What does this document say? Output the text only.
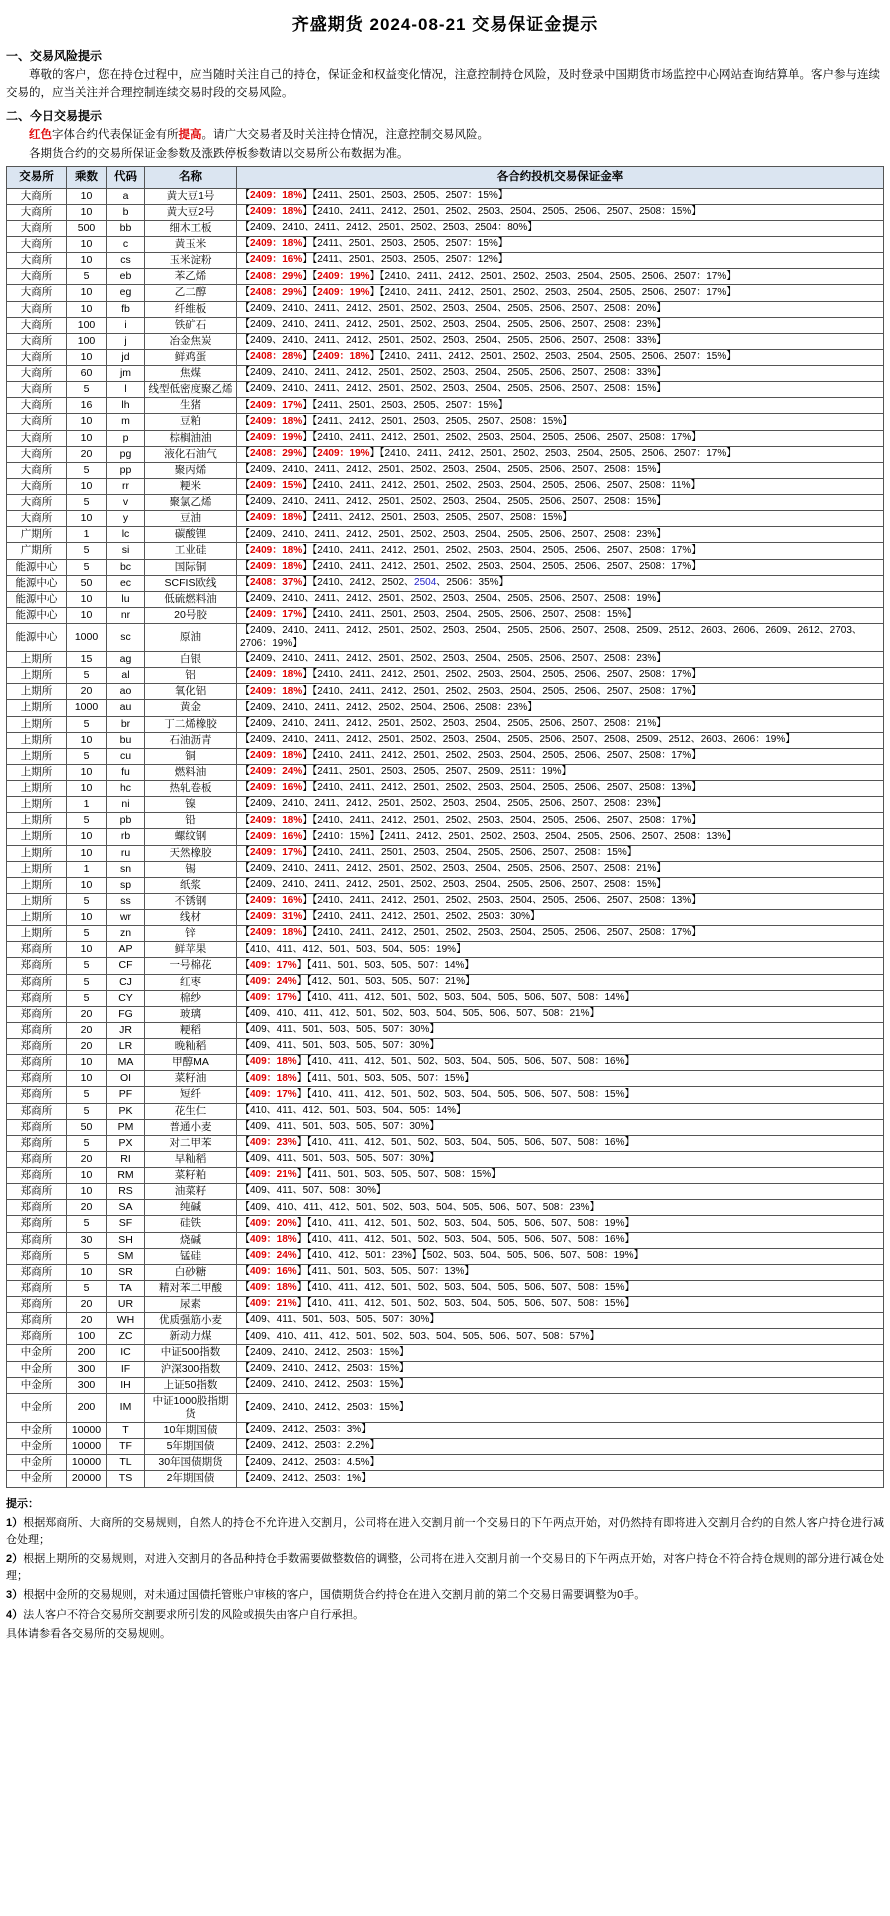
齐盛期货 2024-08-21 交易保证金提示
一、交易风险提示
尊敬的客户，您在持仓过程中，应当随时关注自己的持仓，保证金和权益变化情况，注意控制持仓风险，及时登录中国期货市场监控中心网站查询结算单。客户参与连续交易的，应当关注并合理控制连续交易时段的交易风险。
二、今日交易提示
红色字体合约代表保证金有所提高。请广大交易者及时关注持仓情况，注意控制交易风险。
各期货合约的交易所保证金参数及涨跌停板参数请以交易所公布数据为准。
交易所	乘数	代码	名称	各合约投机交易保证金率
大商所	10	a	黄大豆1号	【2409：18%】【2411、2501、2503、2505、2507：15%】
大商所	10	b	黄大豆2号	【2409：18%】【2410、2411、2412、2501、2502、2503、2504、2505、2506、2507、2508：15%】
大商所	500	bb	细木工板	【2409、2410、2411、2412、2501、2502、2503、2504：80%】
大商所	10	c	黄玉米	【2409：18%】【2411、2501、2503、2505、2507：15%】
大商所	10	cs	玉米淀粉	【2409：16%】【2411、2501、2503、2505、2507：12%】
大商所	5	eb	苯乙烯	【2408：29%】【2409：19%】【2410、2411、2412、2501、2502、2503、2504、2505、2506、2507：17%】
大商所	10	eg	乙二醇	【2408：29%】【2409：19%】【2410、2411、2412、2501、2502、2503、2504、2505、2506、2507：17%】
大商所	10	fb	纤维板	【2409、2410、2411、2412、2501、2502、2503、2504、2505、2506、2507、2508：20%】
大商所	100	i	铁矿石	【2409、2410、2411、2412、2501、2502、2503、2504、2505、2506、2507、2508：23%】
大商所	100	j	冶金焦炭	【2409、2410、2411、2412、2501、2502、2503、2504、2505、2506、2507、2508：33%】
大商所	10	jd	鲜鸡蛋	【2408：28%】【2409：18%】【2410、2411、2412、2501、2502、2503、2504、2505、2506、2507：15%】
大商所	60	jm	焦煤	【2409、2410、2411、2412、2501、2502、2503、2504、2505、2506、2507、2508：33%】
大商所	5	l	线型低密度聚乙烯	【2409、2410、2411、2412、2501、2502、2503、2504、2505、2506、2507、2508：15%】
大商所	16	lh	生猪	【2409：17%】【2411、2501、2503、2505、2507：15%】
大商所	10	m	豆粕	【2409：18%】【2411、2412、2501、2503、2505、2507、2508：15%】
大商所	10	p	棕榈油油	【2409：19%】【2410、2411、2412、2501、2502、2503、2504、2505、2506、2507、2508：17%】
大商所	20	pg	液化石油气	【2408：29%】【2409：19%】【2410、2411、2412、2501、2502、2503、2504、2505、2506、2507：17%】
大商所	5	pp	聚丙烯	【2409、2410、2411、2412、2501、2502、2503、2504、2505、2506、2507、2508：15%】
大商所	10	rr	粳米	【2409：15%】【2410、2411、2412、2501、2502、2503、2504、2505、2506、2507、2508：11%】
大商所	5	v	聚氯乙烯	【2409、2410、2411、2412、2501、2502、2503、2504、2505、2506、2507、2508：15%】
大商所	10	y	豆油	【2409：18%】【2411、2412、2501、2503、2505、2507、2508：15%】
广期所	1	lc	碳酸锂	【2409、2410、2411、2412、2501、2502、2503、2504、2505、2506、2507、2508：23%】
广期所	5	si	工业硅	【2409：18%】【2410、2411、2412、2501、2502、2503、2504、2505、2506、2507、2508：17%】
能源中心	5	bc	国际铜	【2409：18%】【2410、2411、2412、2501、2502、2503、2504、2505、2506、2507、2508：17%】
能源中心	50	ec	SCFIS欧线	【2408：37%】【2410、2412、2502、2504、2506：35%】
能源中心	10	lu	低硫燃料油	【2409、2410、2411、2412、2501、2502、2503、2504、2505、2506、2507、2508：19%】
能源中心	10	nr	20号胶	【2409：17%】【2410、2411、2501、2503、2504、2505、2506、2507、2508：15%】
能源中心	1000	sc	原油	【2409、2410、2411、2412、2501、2502、2503、2504、2505、2506、2507、2508、2509、2512、2603、2606、2609、2612、2703、2706：19%】
上期所	15	ag	白银	【2409、2410、2411、2412、2501、2502、2503、2504、2505、2506、2507、2508：23%】
上期所	5	al	铝	【2409：18%】【2410、2411、2412、2501、2502、2503、2504、2505、2506、2507、2508：17%】
上期所	20	ao	氧化铝	【2409：18%】【2410、2411、2412、2501、2502、2503、2504、2505、2506、2507、2508：17%】
上期所	1000	au	黄金	【2409、2410、2411、2412、2502、2504、2506、2508：23%】
上期所	5	br	丁二烯橡胶	【2409、2410、2411、2412、2501、2502、2503、2504、2505、2506、2507、2508：21%】
上期所	10	bu	石油沥青	【2409、2410、2411、2412、2501、2502、2503、2504、2505、2506、2507、2508、2509、2512、2603、2606：19%】
上期所	5	cu	铜	【2409：18%】【2410、2411、2412、2501、2502、2503、2504、2505、2506、2507、2508：17%】
上期所	10	fu	燃料油	【2409：24%】【2411、2501、2503、2505、2507、2509、2511：19%】
上期所	10	hc	热轧卷板	【2409：16%】【2410、2411、2412、2501、2502、2503、2504、2505、2506、2507、2508：13%】
上期所	1	ni	镍	【2409、2410、2411、2412、2501、2502、2503、2504、2505、2506、2507、2508：23%】
上期所	5	pb	铅	【2409：18%】【2410、2411、2412、2501、2502、2503、2504、2505、2506、2507、2508：17%】
上期所	10	rb	螺纹钢	【2409：16%】【2410：15%】【2411、2412、2501、2502、2503、2504、2505、2506、2507、2508：13%】
上期所	10	ru	天然橡胶	【2409：17%】【2410、2411、2501、2503、2504、2505、2506、2507、2508：15%】
上期所	1	sn	锡	【2409、2410、2411、2412、2501、2502、2503、2504、2505、2506、2507、2508：21%】
上期所	10	sp	纸浆	【2409、2410、2411、2412、2501、2502、2503、2504、2505、2506、2507、2508：15%】
上期所	5	ss	不锈钢	【2409：16%】【2410、2411、2412、2501、2502、2503、2504、2505、2506、2507、2508：13%】
上期所	10	wr	线材	【2409：31%】【2410、2411、2412、2501、2502、2503：30%】
上期所	5	zn	锌	【2409：18%】【2410、2411、2412、2501、2502、2503、2504、2505、2506、2507、2508：17%】
郑商所	10	AP	鲜苹果	【410、411、412、501、503、504、505：19%】
郑商所	5	CF	一号棉花	【409：17%】【411、501、503、505、507：14%】
郑商所	5	CJ	红枣	【409：24%】【412、501、503、505、507：21%】
郑商所	5	CY	棉纱	【409：17%】【410、411、412、501、502、503、504、505、506、507、508：14%】
郑商所	20	FG	玻璃	【409、410、411、412、501、502、503、504、505、506、507、508：21%】
郑商所	20	JR	粳稻	【409、411、501、503、505、507：30%】
郑商所	20	LR	晚籼稻	【409、411、501、503、505、507：30%】
郑商所	10	MA	甲醇MA	【409：18%】【410、411、412、501、502、503、504、505、506、507、508：16%】
郑商所	10	OI	菜籽油	【409：18%】【411、501、503、505、507：15%】
郑商所	5	PF	短纤	【409：17%】【410、411、412、501、502、503、504、505、506、507、508：15%】
郑商所	5	PK	花生仁	【410、411、412、501、503、504、505：14%】
郑商所	50	PM	普通小麦	【409、411、501、503、505、507：30%】
郑商所	5	PX	对二甲苯	【409：23%】【410、411、412、501、502、503、504、505、506、507、508：16%】
郑商所	20	RI	早籼稻	【409、411、501、503、505、507：30%】
郑商所	10	RM	菜籽粕	【409：21%】【411、501、503、505、507、508：15%】
郑商所	10	RS	油菜籽	【409、411、507、508：30%】
郑商所	20	SA	纯碱	【409、410、411、412、501、502、503、504、505、506、507、508：23%】
郑商所	5	SF	硅铁	【409：20%】【410、411、412、501、502、503、504、505、506、507、508：19%】
郑商所	30	SH	烧碱	【409：18%】【410、411、412、501、502、503、504、505、506、507、508：16%】
郑商所	5	SM	锰硅	【409：24%】【410、412、501：23%】【502、503、504、505、506、507、508：19%】
郑商所	10	SR	白砂糖	【409：16%】【411、501、503、505、507：13%】
郑商所	5	TA	精对苯二甲酸	【409：18%】【410、411、412、501、502、503、504、505、506、507、508：15%】
郑商所	20	UR	尿素	【409：21%】【410、411、412、501、502、503、504、505、506、507、508：15%】
郑商所	20	WH	优质强筋小麦	【409、411、501、503、505、507：30%】
郑商所	100	ZC	新动力煤	【409、410、411、412、501、502、503、504、505、506、507、508：57%】
中金所	200	IC	中证500指数	【2409、2410、2412、2503：15%】
中金所	300	IF	沪深300指数	【2409、2410、2412、2503：15%】
中金所	300	IH	上证50指数	【2409、2410、2412、2503：15%】
中金所	200	IM	中证1000股指期货	【2409、2410、2412、2503：15%】
中金所	10000	T	10年期国债	【2409、2412、2503：3%】
中金所	10000	TF	5年期国债	【2409、2412、2503：2.2%】
中金所	10000	TL	30年国债期货	【2409、2412、2503：4.5%】
中金所	20000	TS	2年期国债	【2409、2412、2503：1%】
提示：

1）根据郑商所、大商所的交易规则，自然人的持仓不允许进入交割月，公司将在进入交割月前一个交易日的下午两点开始，对仍然持有即将进入交割月合约的自然人客户持仓进行减仓处理；

2）根据上期所的交易规则，对进入交割月的各品种持仓手数需要做整数倍的调整，公司将在进入交割月前一个交易日的下午两点开始，对客户持仓不符合持仓规则的部分进行减仓处理；

3）根据中金所的交易规则，对未通过国债托管账户审核的客户，国债期货合约持仓在进入交割月前的第二个交易日需要调整为0手。

4）法人客户不符合交易所交割要求所引发的风险或损失由客户自行承担。

具体请参看各交易所的交易规则。
